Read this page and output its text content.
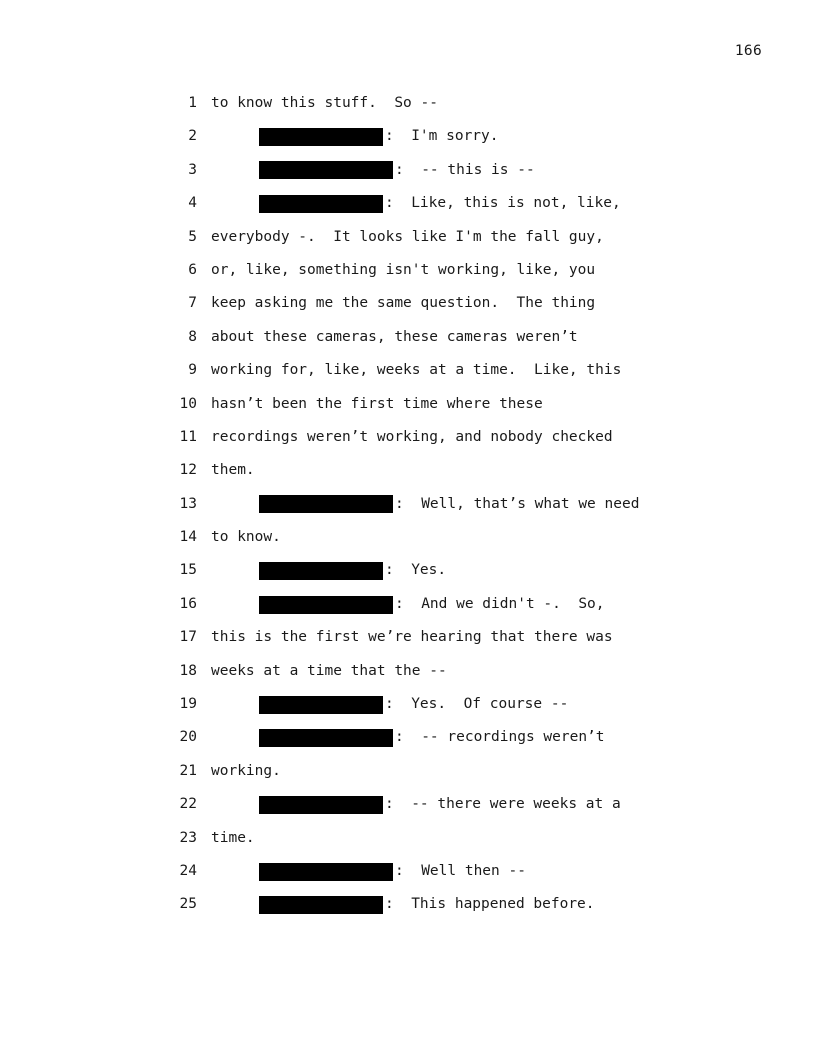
166
1 to know this stuff.  So --
2	:  I'm sorry.
3	:  -- this is --
4	:  Like, this is not, like,
5 everybody -.  It looks like I'm the fall guy,
6 or, like, something isn't working, like, you
7 keep asking me the same question.  The thing
8 about these cameras, these cameras weren’t
9 working for, like, weeks at a time.  Like, this
10 hasn’t been the first time where these
11 recordings weren’t working, and nobody checked
12 them.
13	:  Well, that’s what we need
14 to know.
15	:  Yes.
16	:  And we didn't -.  So,
17 this is the first we’re hearing that there was
18 weeks at a time that the --
19	:  Yes.  Of course --
20	:  -- recordings weren’t
21 working.
22	:  -- there were weeks at a
23 time.
24	:  Well then --
25	:  This happened before.
